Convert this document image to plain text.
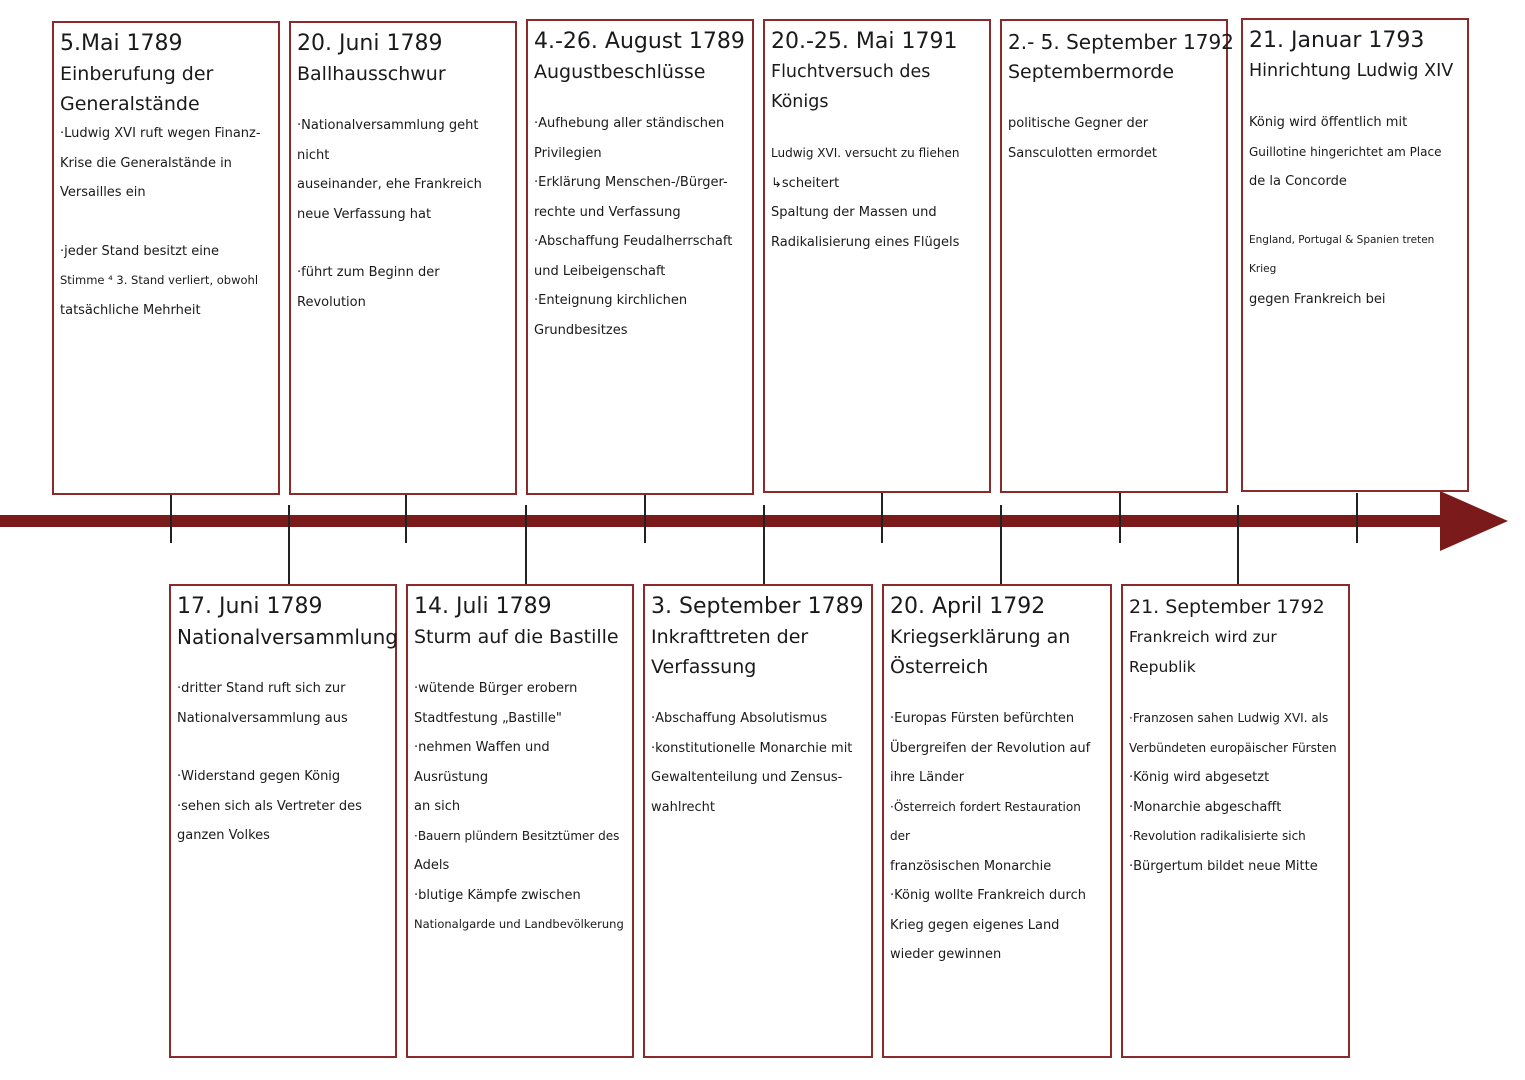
5.Mai 1789
Einberufung der Generalstände
·Ludwig XVI ruft wegen Finanz-
Krise die Generalstände in
Versailles ein
·jeder Stand besitzt eine
Stimme ⁴ 3. Stand verliert, obwohl
tatsächliche Mehrheit
20. Juni 1789
Ballhausschwur
·Nationalversammlung geht nicht
auseinander, ehe Frankreich
neue Verfassung hat
·führt zum Beginn der Revolution
4.-26. August 1789
Augustbeschlüsse
·Aufhebung aller ständischen
Privilegien
·Erklärung Menschen-/Bürger-
rechte und Verfassung
·Abschaffung Feudalherrschaft
und Leibeigenschaft
·Enteignung kirchlichen
Grundbesitzes
20.-25. Mai 1791
Fluchtversuch des Königs
Ludwig XVI. versucht zu fliehen
↳scheitert
Spaltung der Massen und
Radikalisierung eines Flügels
2.- 5. September 1792
Septembermorde
politische Gegner der
Sansculotten ermordet
21. Januar 1793
Hinrichtung Ludwig XIV
König wird öffentlich mit
Guillotine hingerichtet am Place
de la Concorde
England, Portugal & Spanien treten Krieg
gegen Frankreich bei
17. Juni 1789
Nationalversammlung
·dritter Stand ruft sich zur
Nationalversammlung aus
·Widerstand gegen König
·sehen sich als Vertreter des
ganzen Volkes
14. Juli 1789
Sturm auf die Bastille
·wütende Bürger erobern
Stadtfestung „Bastille"
·nehmen Waffen und Ausrüstung
an sich
·Bauern plündern Besitztümer des
Adels
·blutige Kämpfe zwischen
Nationalgarde und Landbevölkerung
3. September 1789
Inkrafttreten der Verfassung
·Abschaffung Absolutismus
·konstitutionelle Monarchie mit
Gewaltenteilung und Zensus-
wahlrecht
20. April 1792
Kriegserklärung an Österreich
·Europas Fürsten befürchten
Übergreifen der Revolution auf
ihre Länder
·Österreich fordert Restauration der
französischen Monarchie
·König wollte Frankreich durch
Krieg gegen eigenes Land
wieder gewinnen
21. September 1792
Frankreich wird zur Republik
·Franzosen sahen Ludwig XVI. als
Verbündeten europäischer Fürsten
·König wird abgesetzt
·Monarchie abgeschafft
·Revolution radikalisierte sich
·Bürgertum bildet neue Mitte
